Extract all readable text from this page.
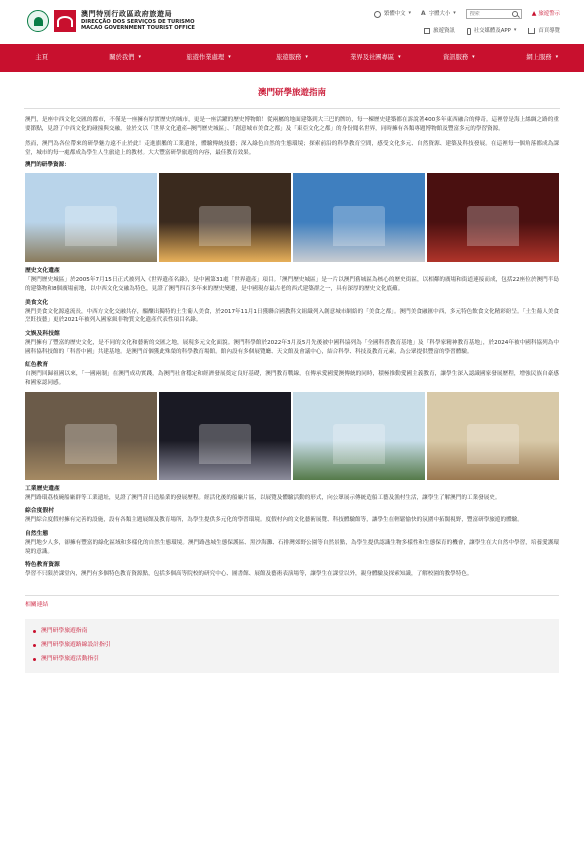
澳門特別行政區政府旅遊局
DIRECÇÃO DOS SERVIÇOS DE TURISMO
MACAO GOVERNMENT TOURIST OFFICE
繁體中文 ▾ A 字體大小 ▾
搜索	▲ 旅遊警示
旅遊資訊	社交媒體及APP ▾	首頁導覽
主頁	關於我們 ▾	旅遊作業處理 ▾	旅遊服務 ▾	業界及社團專區 ▾	資訊服務 ▾	網上服務 ▾
澳門研學旅遊指南

澳門，是座中西文化交匯的都市，不僅是一座擁有厚實歷史的城市，更是一座活躍的歷史博物館！從兩屬的地面建築到大三巴的牌坊，每一棟歷史建築都在訴說著400多年東西融合的傳奇。這裡曾是海上絲綢之路的重要節點，見證了中西文化的碰撞與交融，並於文以「世界文化遺產─澳門歷史城區」、「創意城市美食之都」及「東亞文化之都」的身份聞名世界，同時擁有各類專題博物館及豐富多元的學習資源。

然而，澳門為各位帶來的研學魅力遠不止於此！走進旗艦的工業遺址，體驗傳統技藝；深入綠色自然的生態環境；探索前沿的科學教育空間，感受文化多元、自然資源、建築及科技發展。在這裡每一個角落都成為課堂，城市的每一處都成為學生人生旅途上的教材。大大豐富研學旅遊的內容，最佳教育效果。

澳門的研學資源：
歷史文化遺產

「澳門歷史城區」於2005年7月15日正式被列入《世界遺產名錄》，是中國第31處「世界遺產」項目。「澳門歷史城區」是一片以澳門舊城區為核心的歷史街區，以相鄰的廣場和街道連接而成，包括22座位於澳門半島的建築物和8個廣場前地，以中西文化交融為特色，見證了澳門四百多年來的歷史變遷，是中國現存最古老的西式建築群之一，具有深厚的歷史文化底蘊。

美食文化

澳門美食文化源遠流長，中西方文化交融共存，醞釀出獨特的土生葡人美食，於2017年11月1日獲聯合國教科文組織列入創意城市網絡的「美食之都」。澳門美食融匯中西，多元特色飲食文化精彩紛呈。「土生葡人美食烹飪技藝」更於2021年被列入國家級非物質文化遺產代表性項目名錄。

文娛及科技館

澳門擁有了豐富的歷史文化，是不同的文化和藝術的交匯之地，展現多元文化面貌。澳門科學館於2022年3月及5月先後被中國科協列為「全國科普教育基地」及「科學家精神教育基地」，於2024年被中國科協列為中國科協科技館的「科普中國」共建基地。是澳門首個獲此殊榮的科學教育場館。館內設有多個展覽廳、天文館及會議中心，結合科學、科技及教育元素，為公眾提供豐富的學習體驗。

紅色教育

自澳門回歸祖國以來，「一國兩制」在澳門成功實踐，為澳門社會穩定和經濟發展奠定良好基礎，澳門教育戰線，在傳承愛國愛澳傳統的同時，積極推動愛國主義教育，讓學生深入認識國家發展歷程，增強民族自豪感和國家認同感。

工業歷史遺產

澳門路環荔枝碗船廠群等工業遺址，見證了澳門昔日造船業的發展歷程。經活化後的船廠片區，以展覽及體驗活動的形式，向公眾展示傳統造船工藝及漁村生活，讓學生了解澳門的工業發展史。

綜合度假村

澳門綜合度假村擁有完善的設施，設有各類主題展館及教育場所，為學生提供多元化的學習環境。度假村內的文化藝術展覽、科技體驗館等，讓學生在輕鬆愉快的氛圍中拓闊視野，豐富研學旅遊的體驗。

自然生態

澳門地少人多，卻擁有豐富的綠化區域和多樣化的自然生態環境。澳門路氹城生態保護區、黑沙海灘、石排灣郊野公園等自然景點，為學生提供認識生物多樣性和生態保育的機會，讓學生在大自然中學習，培養愛護環境的意識。

特色教育資源

學習不只限於課堂內，澳門有多個特色教育資源點，包括多個高等院校的研究中心、圖書館、展館及藝術表演場等，讓學生在課堂以外，親身體驗及探索知識，了解校園的教學特色。

相關連結
澳門研學旅遊指南
澳門研學旅遊路線設計指引
澳門研學旅遊活動指引
